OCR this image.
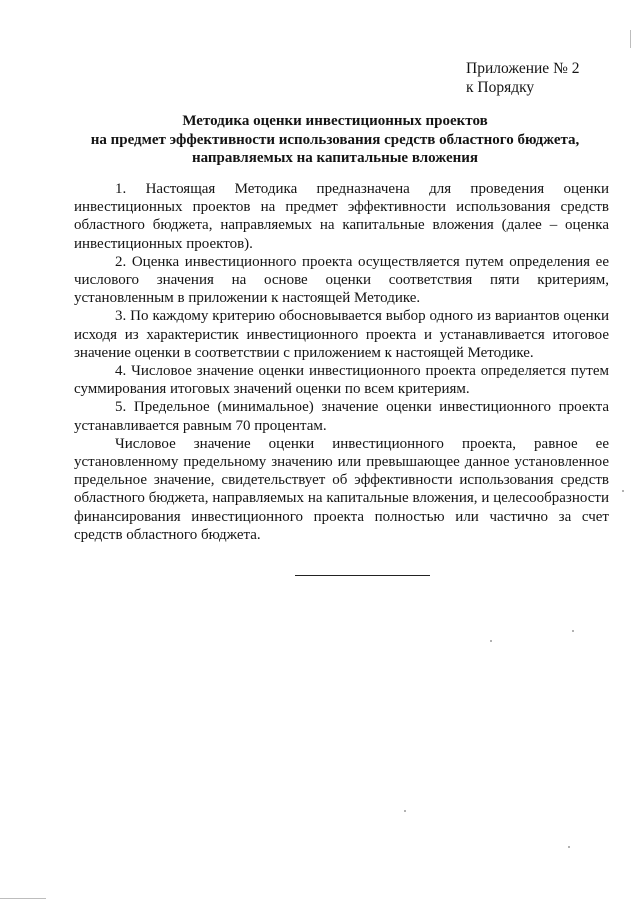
Приложение № 2
к Порядку
Методика оценки инвестиционных проектов
на предмет эффективности использования средств областного бюджета,
направляемых на капитальные вложения

1. Настоящая Методика предназначена для проведения оценки инвестиционных проектов на предмет эффективности использования средств областного бюджета, направляемых на капитальные вложения (далее – оценка инвестиционных проектов).

2. Оценка инвестиционного проекта осуществляется путем определения ее числового значения на основе оценки соответствия пяти критериям, установленным в приложении к настоящей Методике.

3. По каждому критерию обосновывается выбор одного из вариантов оценки исходя из характеристик инвестиционного проекта и устанавливается итоговое значение оценки в соответствии с приложением к настоящей Методике.

4. Числовое значение оценки инвестиционного проекта определяется путем суммирования итоговых значений оценки по всем критериям.

5. Предельное (минимальное) значение оценки инвестиционного проекта устанавливается равным 70 процентам.

Числовое значение оценки инвестиционного проекта, равное ее установленному предельному значению или превышающее данное установленное предельное значение, свидетельствует об эффективности использования средств областного бюджета, направляемых на капитальные вложения, и целесообразности финансирования инвестиционного проекта полностью или частично за счет средств областного бюджета.
